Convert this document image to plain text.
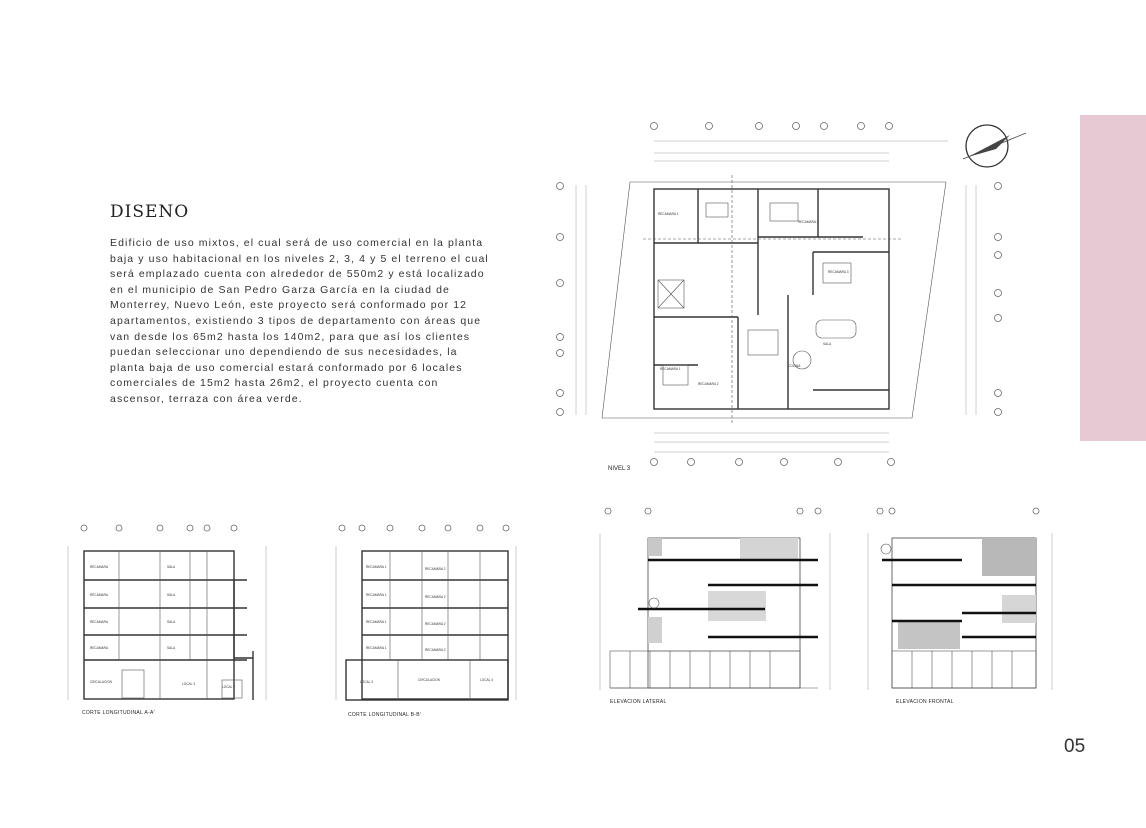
DISENO

Edificio de uso mixtos, el cual será de uso comercial en la planta baja y uso habitacional en los niveles 2, 3, 4 y 5 el terreno el cual será emplazado cuenta con alrededor de 550m2 y está localizado en el municipio de San Pedro Garza García en la ciudad de Monterrey, Nuevo León, este proyecto será conformado por 12 apartamentos, existiendo 3 tipos de departamento con áreas que van desde los 65m2 hasta los 140m2, para que así los clientes puedan seleccionar uno dependiendo de sus necesidades, la planta baja de uso comercial estará conformado por 6 locales comerciales de 15m2 hasta 26m2, el proyecto cuenta con ascensor, terraza con área verde.

RECAMARA 1
RECAMARA 2
RECAMARA 3
RECAMARA 1
RECAMARA 2
COCINA
SALA
NIVEL 3
RECAMARA	SALA
RECAMARA	SALA
RECAMARA	SALA
RECAMARA	SALA
CIRCULACION	LOCAL 3
LOCAL 2
CORTE LONGITUDINAL A-A'
RECAMARA 1	RECAMARA 2
RECAMARA 1	RECAMARA 2
RECAMARA 1	RECAMARA 2
RECAMARA 1	RECAMARA 2
LOCAL 3	CIRCULACION	LOCAL 4
CORTE LONGITUDINAL B-B'
ELEVACION LATERAL	ELEVACION FRONTAL
05
